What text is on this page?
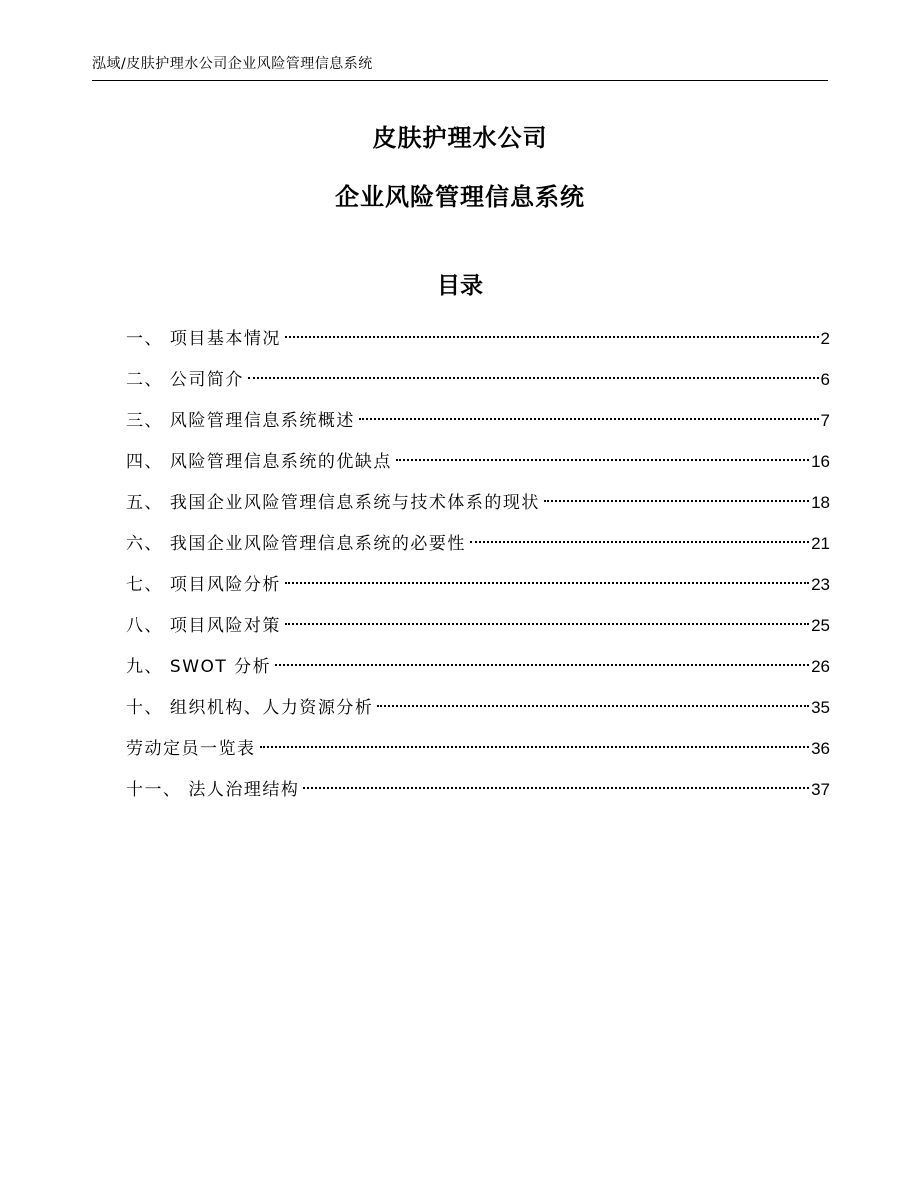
泓域/皮肤护理水公司企业风险管理信息系统
皮肤护理水公司
企业风险管理信息系统
目录
一、 项目基本情况	2
二、 公司简介	6
三、 风险管理信息系统概述	7
四、 风险管理信息系统的优缺点	16
五、 我国企业风险管理信息系统与技术体系的现状	18
六、 我国企业风险管理信息系统的必要性	21
七、 项目风险分析	23
八、 项目风险对策	25
九、 SWOT 分析	26
十、 组织机构、人力资源分析	35
劳动定员一览表	36
十一、 法人治理结构	37
